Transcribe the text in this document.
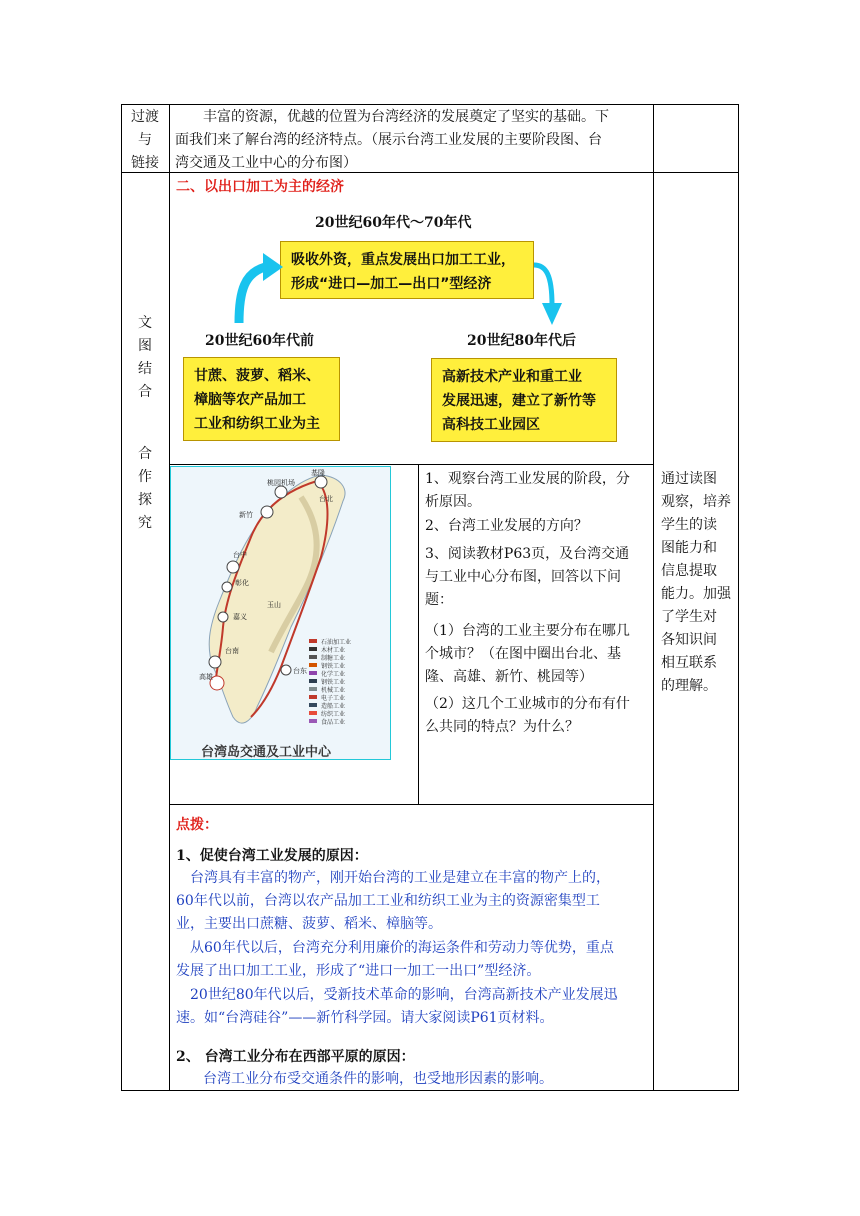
过渡
与
链接
丰富的资源，优越的位置为台湾经济的发展奠定了坚实的基础。下
面我们来了解台湾的经济特点。（展示台湾工业发展的主要阶段图、台
湾交通及工业中心的分布图）
文
图
结
合
合
作
探
究
二、以出口加工为主的经济
20世纪60年代～70年代
吸收外资，重点发展出口加工工业，
形成“进口—加工—出口”型经济
20世纪60年代前	20世纪80年代后
甘蔗、菠萝、稻米、
樟脑等农产品加工
工业和纺织工业为主
高新技术产业和重工业
发展迅速，建立了新竹等
高科技工业园区
基隆
桃园机场
台北
新竹
台中
彰化
嘉义
玉山
台南
高雄
台东
石油加工业
木材工业
制糖工业
钢铁工业
化学工业
钢铁工业
机械工业
电子工业
造船工业
纺织工业
食品工业
台湾岛交通及工业中心
1、观察台湾工业发展的阶段，分
析原因。
2、台湾工业发展的方向？
3、阅读教材P63页，及台湾交通
与工业中心分布图，回答以下问
题：
（1）台湾的工业主要分布在哪几
个城市？（在图中圈出台北、基
隆、高雄、新竹、桃园等）
（2）这几个工业城市的分布有什
么共同的特点？为什么？
通过读图
观察，培养
学生的读
图能力和
信息提取
能力。加强
了学生对
各知识间
相互联系
的理解。
点拨：
1、促使台湾工业发展的原因：
台湾具有丰富的物产，刚开始台湾的工业是建立在丰富的物产上的，
60年代以前，台湾以农产品加工工业和纺织工业为主的资源密集型工
业，主要出口蔗糖、菠萝、稻米、樟脑等。
从60年代以后，台湾充分利用廉价的海运条件和劳动力等优势，重点
发展了出口加工工业，形成了“进口一加工一出口”型经济。
20世纪80年代以后，受新技术革命的影响，台湾高新技术产业发展迅
速。如“台湾硅谷”——新竹科学园。请大家阅读P61页材料。
2、 台湾工业分布在西部平原的原因：
台湾工业分布受交通条件的影响，也受地形因素的影响。
